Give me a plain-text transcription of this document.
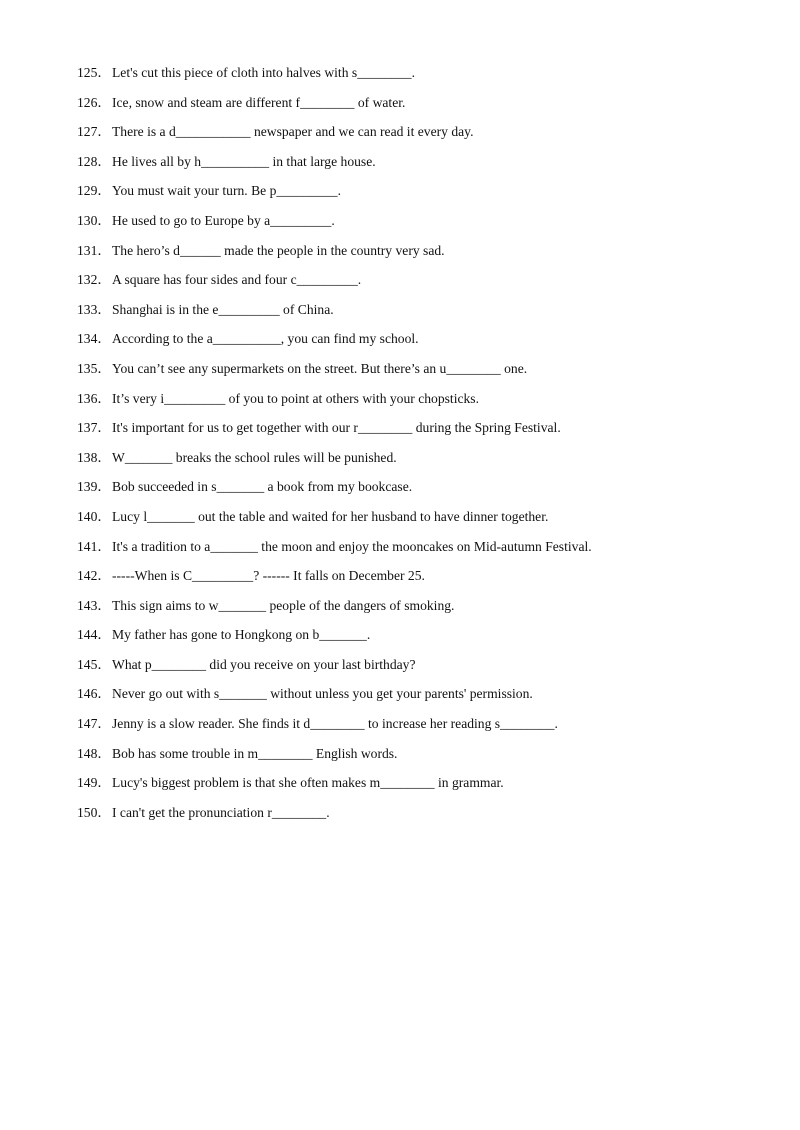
125． Let's cut this piece of cloth into halves with s________.
126． Ice, snow and steam are different f________ of water.
127． There is a d___________ newspaper and we can read it every day.
128． He lives all by h__________ in that large house.
129． You must wait your turn. Be p_________.
130． He used to go to Europe by a_________.
131． The hero’s d______ made the people in the country very sad.
132． A square has four sides and four c_________.
133． Shanghai is in the e_________ of China.
134． According to the a__________, you can find my school.
135． You can’t see any supermarkets on the street. But there’s an u________ one.
136． It’s very i_________ of you to point at others with your chopsticks.
137． It's important for us to get together with our r________ during the Spring Festival.
138． W_______ breaks the school rules will be punished.
139． Bob succeeded in s_______ a book from my bookcase.
140． Lucy l_______ out the table and waited for her husband to have dinner together.
141． It's a tradition to a_______ the moon and enjoy the mooncakes on Mid-autumn Festival.
142． -----When is C_________? ------ It falls on December 25.
143． This sign aims to w_______ people of the dangers of smoking.
144． My father has gone to Hongkong on b_______.
145． What p________ did you receive on your last birthday?
146． Never go out with s_______ without unless you get your parents' permission.
147． Jenny is a slow reader. She finds it d________ to increase her reading s________.
148． Bob has some trouble in m________ English words.
149． Lucy's biggest problem is that she often makes m________ in grammar.
150． I can't get the pronunciation r________.
